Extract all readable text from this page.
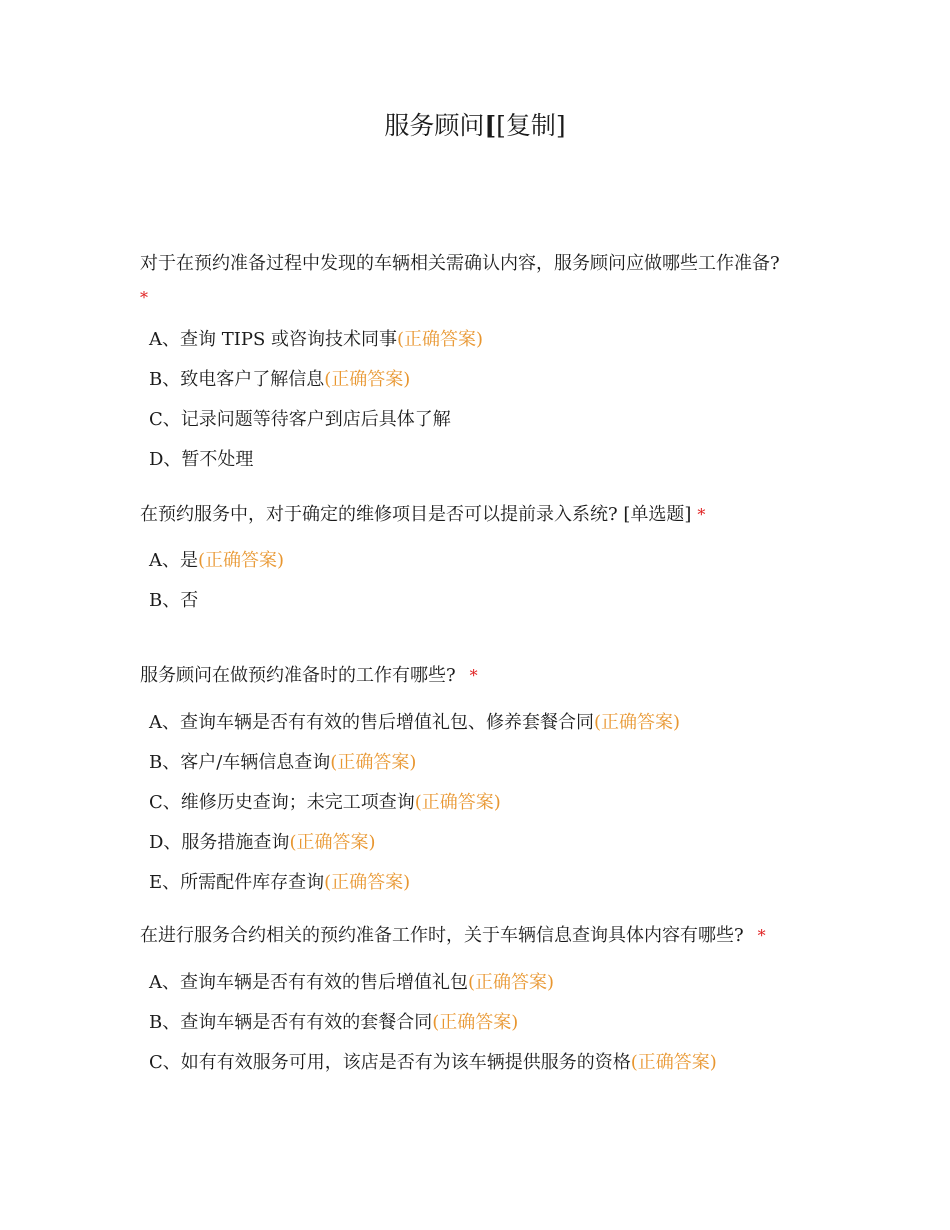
服务顾问[[复制]
对于在预约准备过程中发现的车辆相关需确认内容，服务顾问应做哪些工作准备?
*
A、查询 TIPS 或咨询技术同事(正确答案)
B、致电客户了解信息(正确答案)
C、记录问题等待客户到店后具体了解
D、暂不处理
在预约服务中，对于确定的维修项目是否可以提前录入系统? [单选题] *
A、是(正确答案)
B、否
服务顾问在做预约准备时的工作有哪些? *
A、查询车辆是否有有效的售后增值礼包、修养套餐合同(正确答案)
B、客户/车辆信息查询(正确答案)
C、维修历史查询；未完工项查询(正确答案)
D、服务措施查询(正确答案)
E、所需配件库存查询(正确答案)
在进行服务合约相关的预约准备工作时，关于车辆信息查询具体内容有哪些? *
A、查询车辆是否有有效的售后增值礼包(正确答案)
B、查询车辆是否有有效的套餐合同(正确答案)
C、如有有效服务可用，该店是否有为该车辆提供服务的资格(正确答案)
